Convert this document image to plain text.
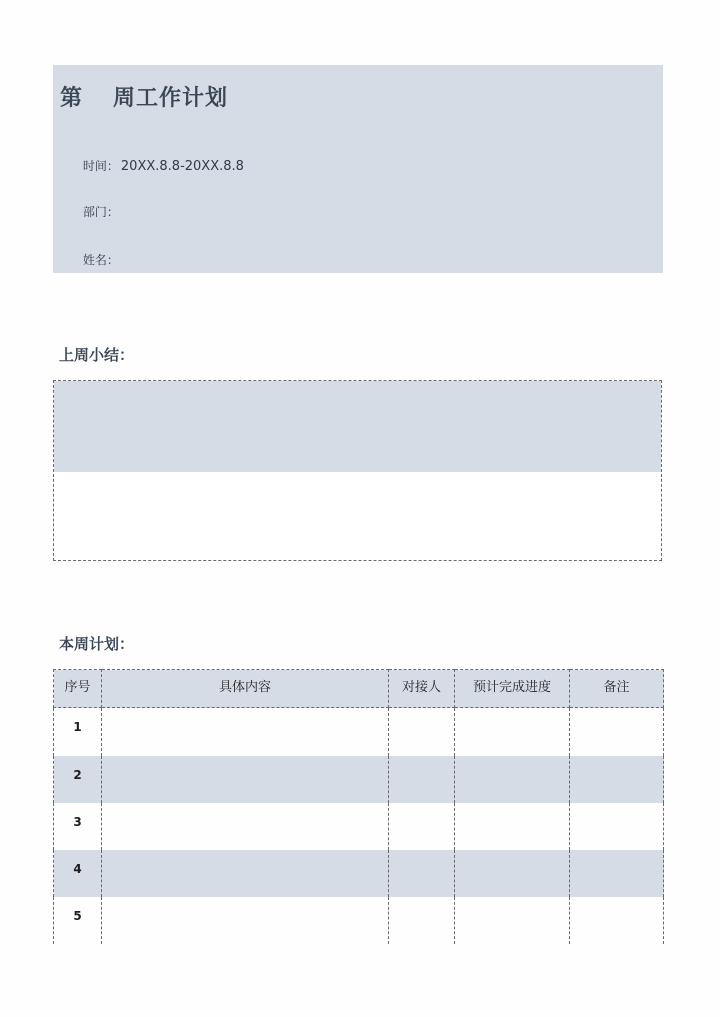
第 周工作计划

时间： 20XX.8.8-20XX.8.8

部门：

姓名：

上周小结：
本周计划：
序号	具体内容	对接人	预计完成进度	备注
1				
2				
3				
4				
5				
